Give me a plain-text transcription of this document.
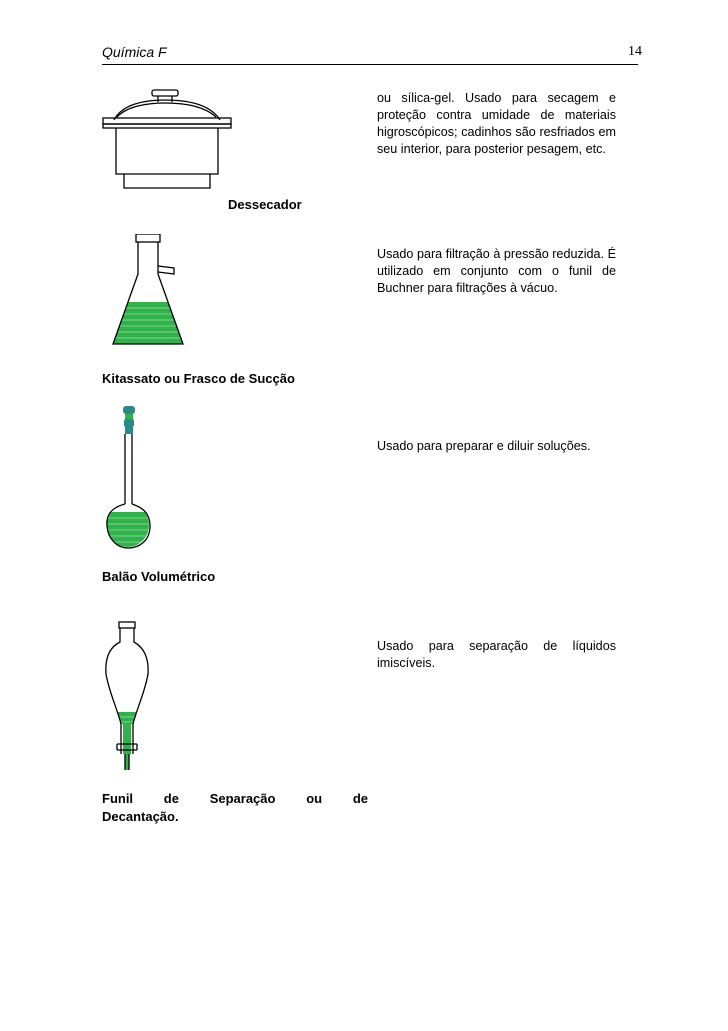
Química F	14
Dessecador
ou sílica-gel. Usado para secagem e proteção contra umidade de materiais higroscópicos; cadinhos são resfriados em seu interior, para posterior pesagem, etc.
Kitassato ou Frasco de Sucção
Usado para filtração à pressão reduzida. É utilizado em conjunto com o funil de Buchner para filtrações à vácuo.
Balão Volumétrico
Usado para preparar e diluir soluções.
Funil de Separação ou de
Decantação.
Usado para separação de líquidos imiscíveis.
